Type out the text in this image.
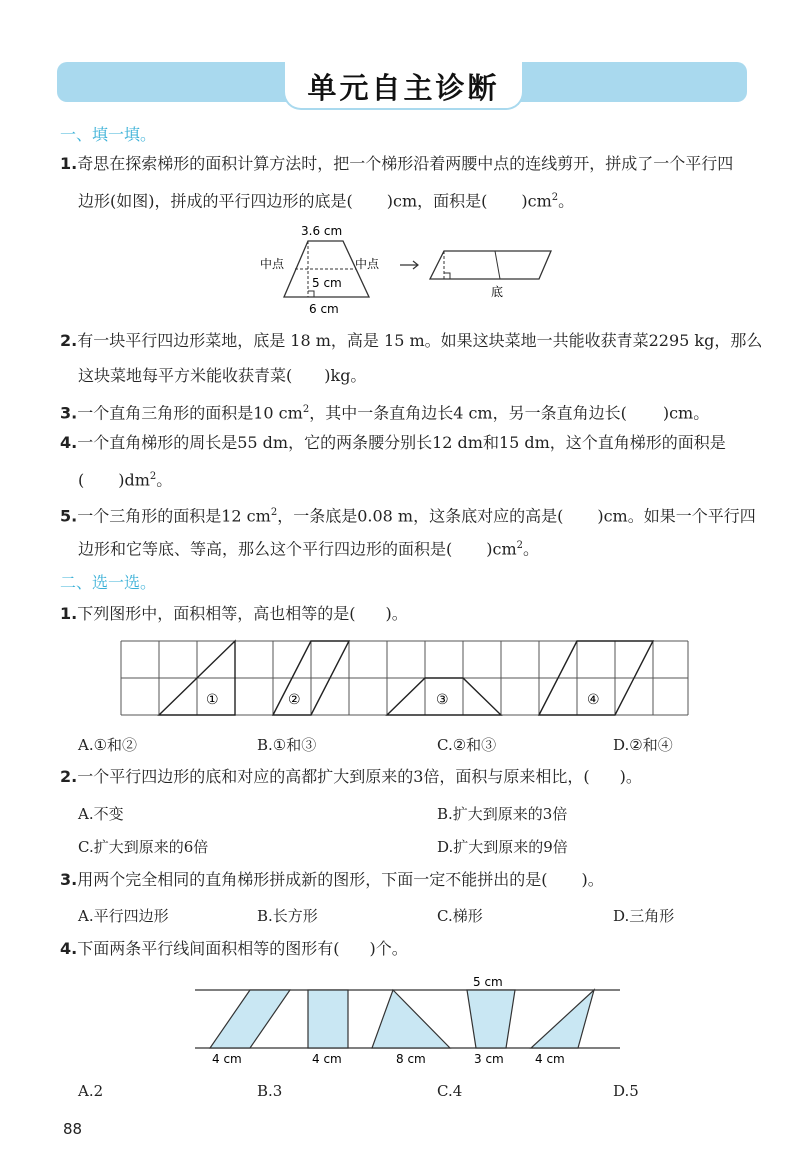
单元自主诊断
一、填一填。
1.奇思在探索梯形的面积计算方法时，把一个梯形沿着两腰中点的连线剪开，拼成了一个平行四
边形(如图)，拼成的平行四边形的底是( )cm，面积是( )$cm^2$。
3.6 cm
5 cm
6 cm
中点	中点
底
2.有一块平行四边形菜地，底是 18 m，高是 15 m。如果这块菜地一共能收获青菜2295 kg，那么
这块菜地每平方米能收获青菜( )kg。
3.一个直角三角形的面积是10 $cm^2$，其中一条直角边长4 cm，另一条直角边长( )cm。
4.一个直角梯形的周长是55 dm，它的两条腰分别长12 dm和15 dm，这个直角梯形的面积是
( )$dm^2$。
5.一个三角形的面积是12 $cm^2$，一条底是0.08 m，这条底对应的高是( )cm。如果一个平行四
边形和它等底、等高，那么这个平行四边形的面积是( )$cm^2$。
二、选一选。
1.下列图形中，面积相等，高也相等的是( )。
①	②	③	④
A.①和②	B.①和③	C.②和③	D.②和④
2.一个平行四边形的底和对应的高都扩大到原来的3倍，面积与原来相比，( )。
A.不变	B.扩大到原来的3倍
C.扩大到原来的6倍	D.扩大到原来的9倍
3.用两个完全相同的直角梯形拼成新的图形，下面一定不能拼出的是( )。
A.平行四边形	B.长方形	C.梯形	D.三角形
4.下面两条平行线间面积相等的图形有( )个。
5 cm
4 cm	4 cm	8 cm	3 cm	4 cm
A.2	B.3	C.4	D.5
88
